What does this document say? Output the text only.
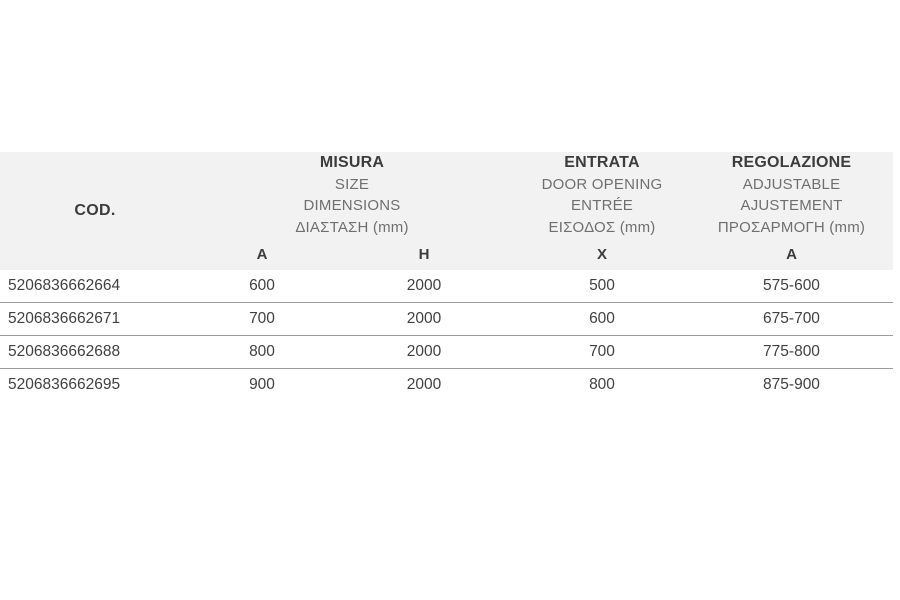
COD.	
MISURA
SIZE
DIMENSIONS
ΔΙΑΣΤΑΣΗ (mm)

ENTRATA
DOOR OPENING
ENTRÉE
ΕΙΣΟΔΟΣ (mm)

REGOLAZIONE
ADJUSTABLE
AJUSTEMENT
ΠΡΟΣΑΡΜΟΓΗ (mm)

	A	H	X	A
5206836662664	600	2000	500	575-600
5206836662671	700	2000	600	675-700
5206836662688	800	2000	700	775-800
5206836662695	900	2000	800	875-900
